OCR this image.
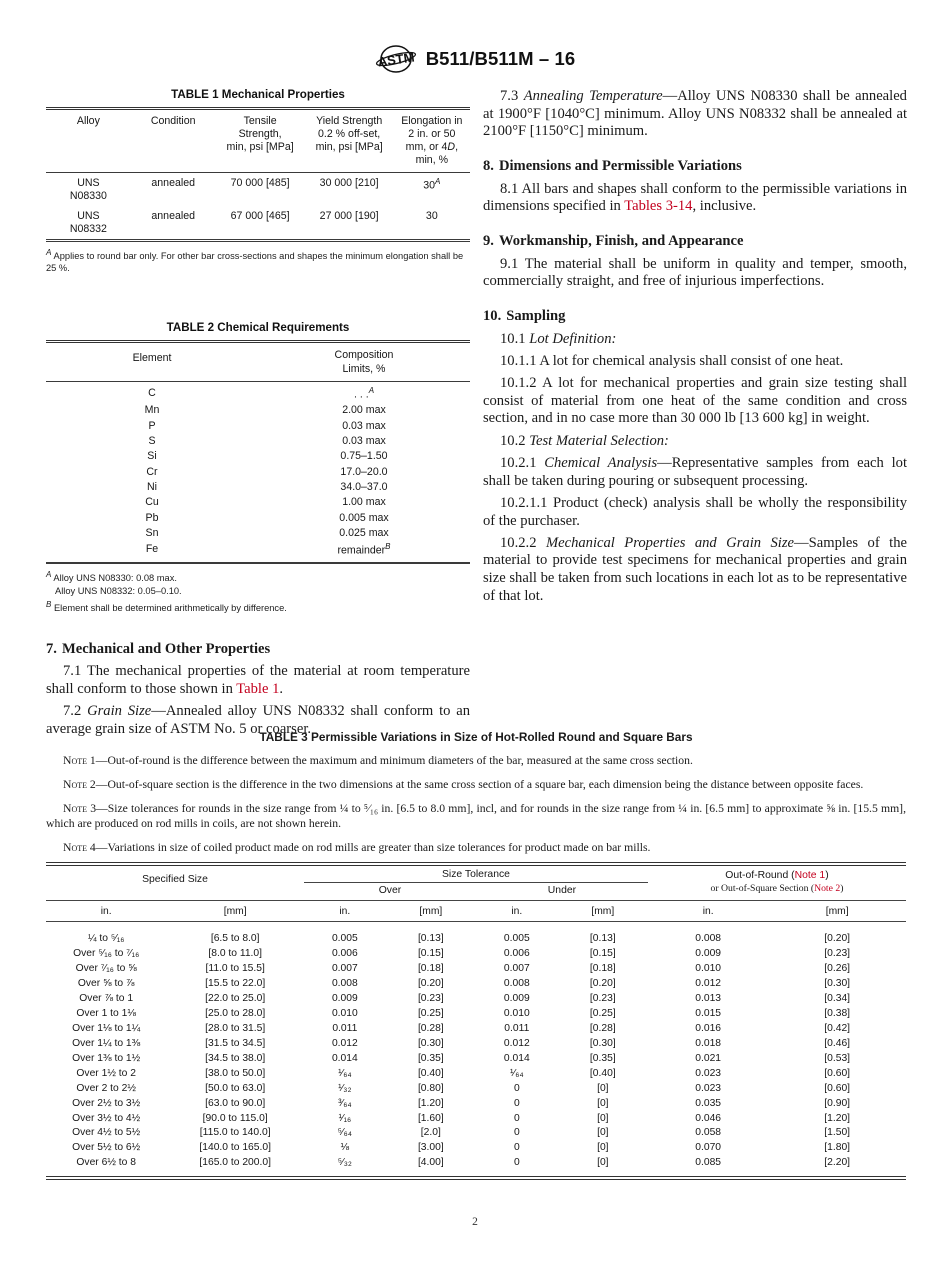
ASTM B511/B511M – 16
TABLE 1 Mechanical Properties
Alloy	Condition	Tensile
Strength,
min, psi [MPa]	Yield Strength
0.2 % off-set,
min, psi [MPa]	Elongation in
2 in. or 50
mm, or 4D,
min, %
UNS
N08330	annealed	70 000 [485]	30 000 [210]	$30^A$
UNS
N08332	annealed	67 000 [465]	27 000 [190]	30

$^A$ Applies to round bar only. For other bar cross-sections and shapes the minimum elongation shall be 25 %.

TABLE 2 Chemical Requirements
Element	Composition
Limits, %
C	. . .$^A$
Mn	2.00 max
P	0.03 max
S	0.03 max
Si	0.75–1.50
Cr	17.0–20.0
Ni	34.0–37.0
Cu	1.00 max
Pb	0.005 max
Sn	0.025 max
Fe	remainder$^B$

$^A$ Alloy UNS N08330: 0.08 max.
Alloy UNS N08332: 0.05–0.10.

$^B$ Element shall be determined arithmetically by difference.

7. Mechanical and Other Properties

7.1 The mechanical properties of the material at room temperature shall conform to those shown in Table 1.

7.2 Grain Size—Annealed alloy UNS N08332 shall conform to an average grain size of ASTM No. 5 or coarser.

7.3 Annealing Temperature—Alloy UNS N08330 shall be annealed at 1900°F [1040°C] minimum. Alloy UNS N08332 shall be annealed at 2100°F [1150°C] minimum.

8. Dimensions and Permissible Variations

8.1 All bars and shapes shall conform to the permissible variations in dimensions specified in Tables 3-14, inclusive.

9. Workmanship, Finish, and Appearance

9.1 The material shall be uniform in quality and temper, smooth, commercially straight, and free of injurious imperfections.

10. Sampling

10.1 Lot Definition:

10.1.1 A lot for chemical analysis shall consist of one heat.

10.1.2 A lot for mechanical properties and grain size testing shall consist of material from one heat of the same condition and cross section, and in no case more than 30 000 lb [13 600 kg] in weight.

10.2 Test Material Selection:

10.2.1 Chemical Analysis—Representative samples from each lot shall be taken during pouring or subsequent processing.

10.2.1.1 Product (check) analysis shall be wholly the responsibility of the purchaser.

10.2.2 Mechanical Properties and Grain Size—Samples of the material to provide test specimens for mechanical properties and grain size shall be taken from such locations in each lot as to be representative of that lot.

TABLE 3 Permissible Variations in Size of Hot-Rolled Round and Square Bars

Note 1—Out-of-round is the difference between the maximum and minimum diameters of the bar, measured at the same cross section.

Note 2—Out-of-square section is the difference in the two dimensions at the same cross section of a square bar, each dimension being the distance between opposite faces.

Note 3—Size tolerances for rounds in the size range from ¼ to ⁵⁄₁₆ in. [6.5 to 8.0 mm], incl, and for rounds in the size range from ¼ in. [6.5 mm] to approximate ⅝ in. [15.5 mm], which are produced on rod mills in coils, are not shown herein.

Note 4—Variations in size of coiled product made on rod mills are greater than size tolerances for product made on bar mills.

Specified Size		Size Tolerance				Out-of-Round (Note 1)
or Out-of-Square Section (Note 2)	
		Over		Under			

in.	[mm]	in.	[mm]	in.	[mm]	in.	[mm]

¼ to ⁵⁄₁₆	[6.5 to 8.0]	0.005	[0.13]	0.005	[0.13]	0.008	[0.20]
Over ⁵⁄₁₆ to ⁷⁄₁₆	[8.0 to 11.0]	0.006	[0.15]	0.006	[0.15]	0.009	[0.23]
Over ⁷⁄₁₆ to ⅝	[11.0 to 15.5]	0.007	[0.18]	0.007	[0.18]	0.010	[0.26]
Over ⅝ to ⅞	[15.5 to 22.0]	0.008	[0.20]	0.008	[0.20]	0.012	[0.30]
Over ⅞ to 1	[22.0 to 25.0]	0.009	[0.23]	0.009	[0.23]	0.013	[0.34]
Over 1 to 1⅛	[25.0 to 28.0]	0.010	[0.25]	0.010	[0.25]	0.015	[0.38]
Over 1⅛ to 1¼	[28.0 to 31.5]	0.011	[0.28]	0.011	[0.28]	0.016	[0.42]
Over 1¼ to 1⅜	[31.5 to 34.5]	0.012	[0.30]	0.012	[0.30]	0.018	[0.46]
Over 1⅜ to 1½	[34.5 to 38.0]	0.014	[0.35]	0.014	[0.35]	0.021	[0.53]
Over 1½ to 2	[38.0 to 50.0]	¹⁄₆₄	[0.40]	¹⁄₆₄	[0.40]	0.023	[0.60]
Over 2 to 2½	[50.0 to 63.0]	¹⁄₃₂	[0.80]	0	[0]	0.023	[0.60]
Over 2½ to 3½	[63.0 to 90.0]	³⁄₆₄	[1.20]	0	[0]	0.035	[0.90]
Over 3½ to 4½	[90.0 to 115.0]	¹⁄₁₆	[1.60]	0	[0]	0.046	[1.20]
Over 4½ to 5½	[115.0 to 140.0]	⁵⁄₆₄	[2.0]	0	[0]	0.058	[1.50]
Over 5½ to 6½	[140.0 to 165.0]	⅛	[3.00]	0	[0]	0.070	[1.80]
Over 6½ to 8	[165.0 to 200.0]	⁵⁄₃₂	[4.00]	0	[0]	0.085	[2.20]

2
